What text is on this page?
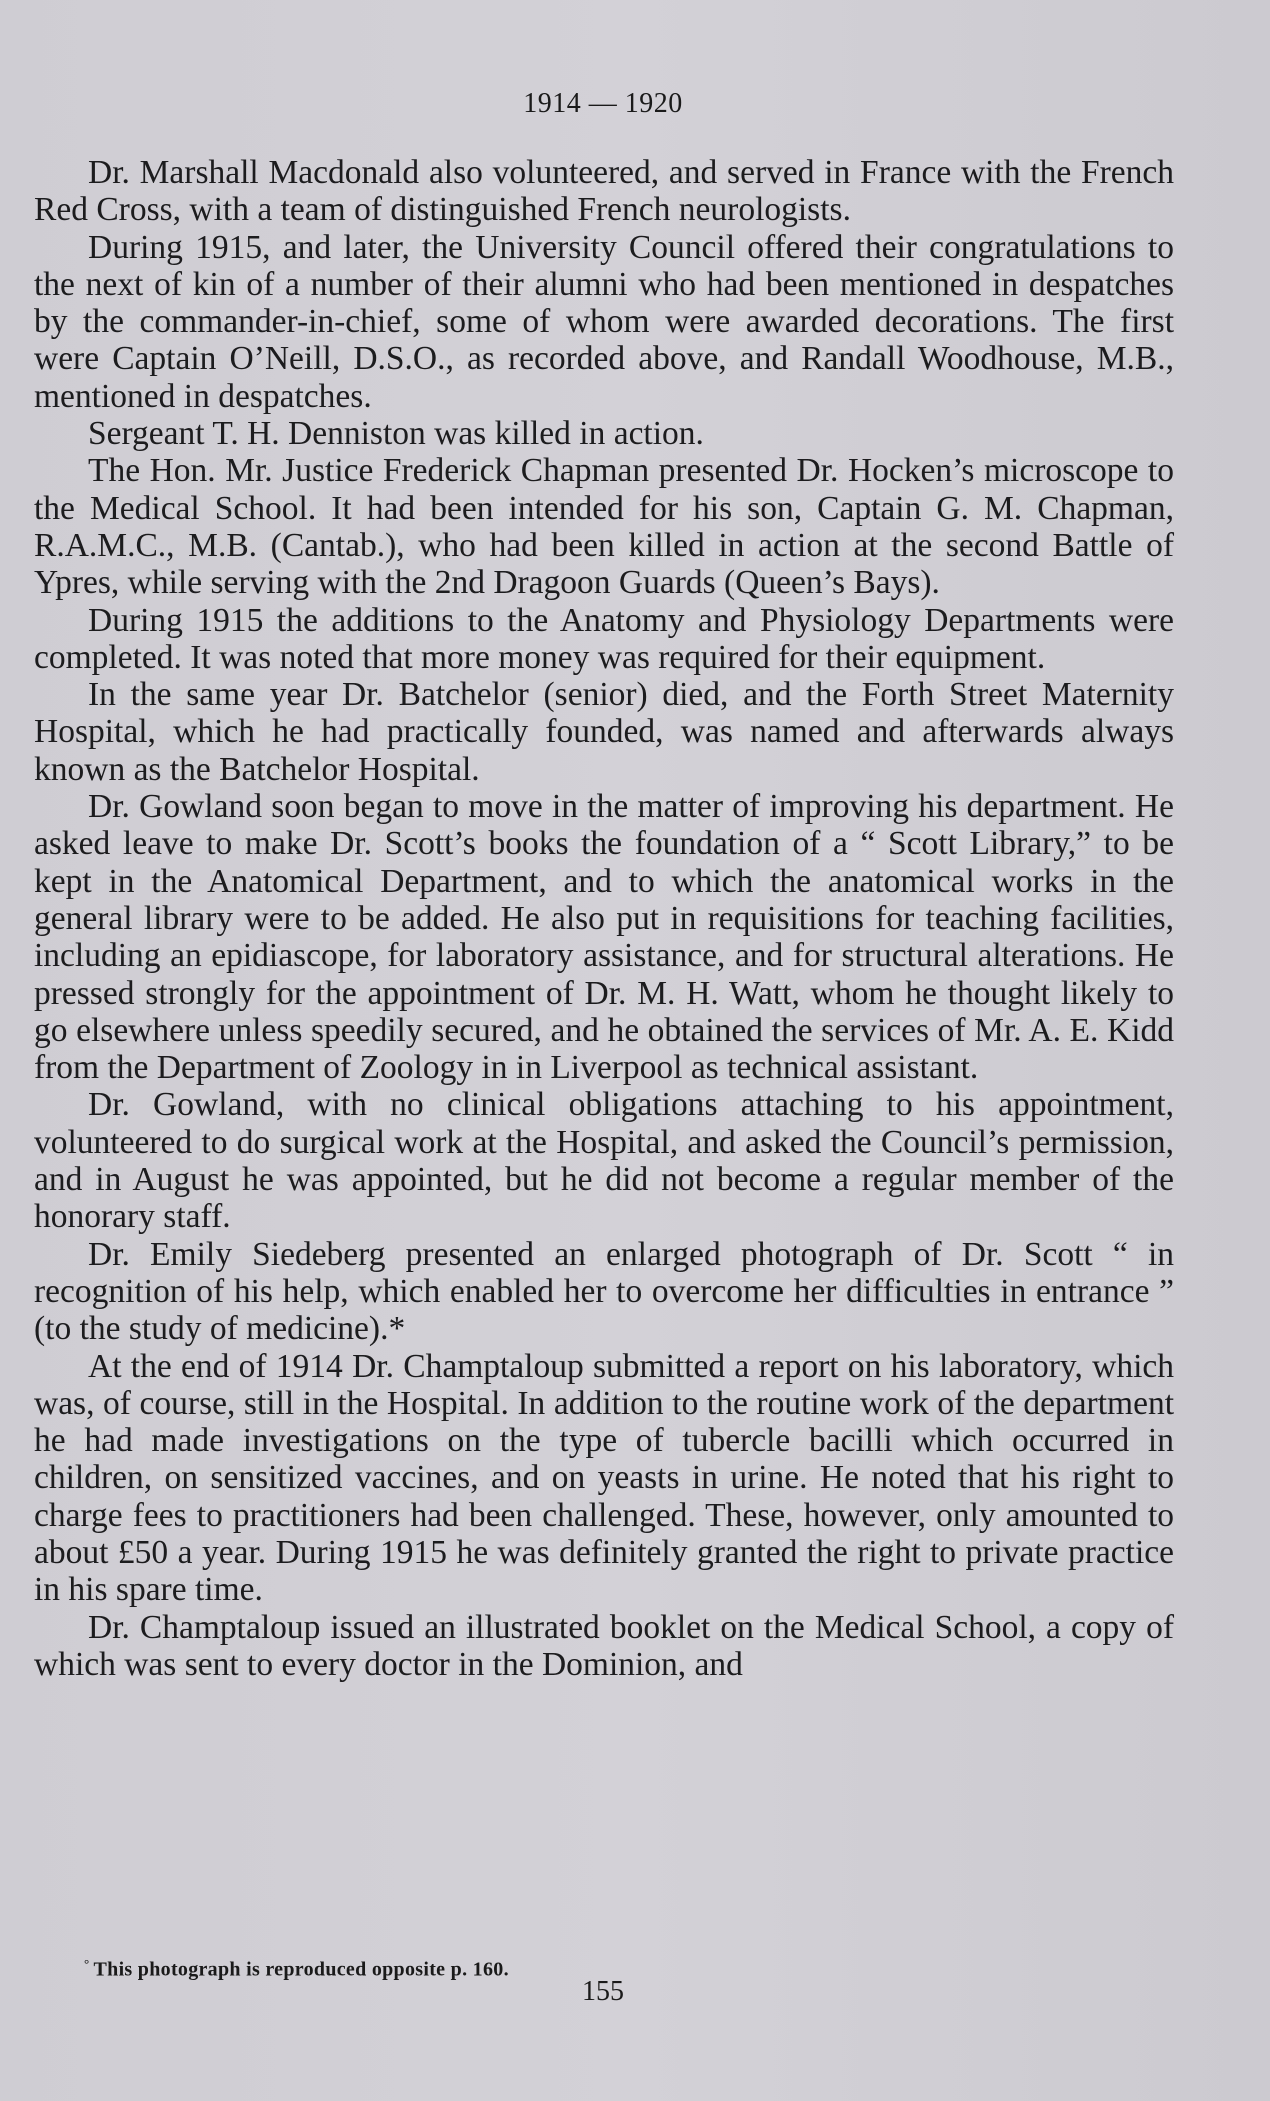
1914 — 1920

Dr. Marshall Macdonald also volunteered, and served in France with the French Red Cross, with a team of distinguished French neurologists.

During 1915, and later, the University Council offered their congratulations to the next of kin of a number of their alumni who had been mentioned in despatches by the commander-in-chief, some of whom were awarded decorations. The first were Captain O’Neill, D.S.O., as recorded above, and Randall Woodhouse, M.B., mentioned in despatches.

Sergeant T. H. Denniston was killed in action.

The Hon. Mr. Justice Frederick Chapman presented Dr. Hocken’s microscope to the Medical School. It had been intended for his son, Captain G. M. Chapman, R.A.M.C., M.B. (Cantab.), who had been killed in action at the second Battle of Ypres, while serving with the 2nd Dragoon Guards (Queen’s Bays).

During 1915 the additions to the Anatomy and Physiology Departments were completed. It was noted that more money was required for their equipment.

In the same year Dr. Batchelor (senior) died, and the Forth Street Maternity Hospital, which he had practically founded, was named and afterwards always known as the Batchelor Hospital.

Dr. Gowland soon began to move in the matter of improving his department. He asked leave to make Dr. Scott’s books the foundation of a “ Scott Library,” to be kept in the Anatomical Department, and to which the anatomical works in the general library were to be added. He also put in requisitions for teaching facilities, including an epidiascope, for laboratory assistance, and for structural alterations. He pressed strongly for the appointment of Dr. M. H. Watt, whom he thought likely to go elsewhere unless speedily secured, and he obtained the services of Mr. A. E. Kidd from the Department of Zoology in in Liverpool as technical assistant.

Dr. Gowland, with no clinical obligations attaching to his appointment, volunteered to do surgical work at the Hospital, and asked the Council’s permission, and in August he was appointed, but he did not become a regular member of the honorary staff.

Dr. Emily Siedeberg presented an enlarged photograph of Dr. Scott “ in recognition of his help, which enabled her to overcome her difficulties in entrance ” (to the study of medicine).*

At the end of 1914 Dr. Champtaloup submitted a report on his laboratory, which was, of course, still in the Hospital. In addition to the routine work of the department he had made investigations on the type of tubercle bacilli which occurred in children, on sensitized vaccines, and on yeasts in urine. He noted that his right to charge fees to practitioners had been challenged. These, however, only amounted to about £50 a year. During 1915 he was definitely granted the right to private practice in his spare time.

Dr. Champtaloup issued an illustrated booklet on the Medical School, a copy of which was sent to every doctor in the Dominion, and

° This photograph is reproduced opposite p. 160.
155
